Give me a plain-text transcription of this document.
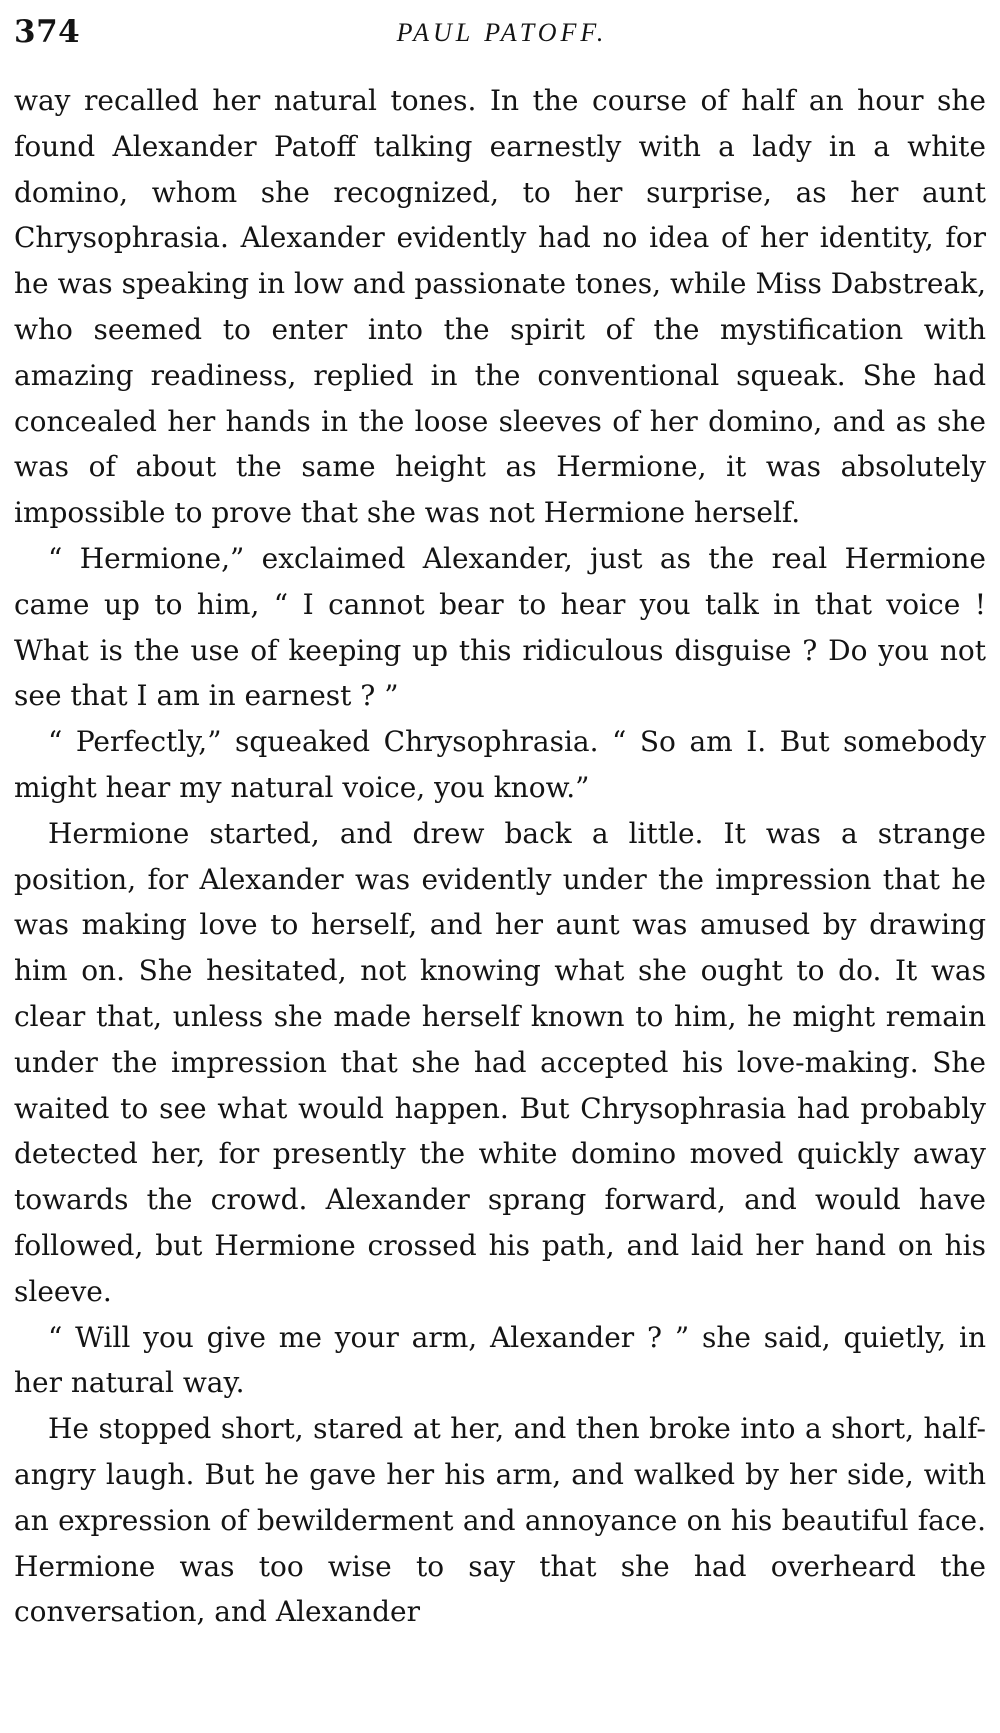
374	PAUL PATOFF.

way recalled her natural tones. In the course of half an hour she found Alexander Patoff talking earnestly with a lady in a white domino, whom she recognized, to her surprise, as her aunt Chrysophrasia. Alexander evidently had no idea of her identity, for he was speaking in low and passionate tones, while Miss Dabstreak, who seemed to enter into the spirit of the mystification with amazing readiness, replied in the conventional squeak. She had concealed her hands in the loose sleeves of her domino, and as she was of about the same height as Hermione, it was absolutely impossible to prove that she was not Hermione herself.

“ Hermione,” exclaimed Alexander, just as the real Hermione came up to him, “ I cannot bear to hear you talk in that voice ! What is the use of keeping up this ridiculous disguise ? Do you not see that I am in earnest ? ”

“ Perfectly,” squeaked Chrysophrasia. “ So am I. But somebody might hear my natural voice, you know.”

Hermione started, and drew back a little. It was a strange position, for Alexander was evidently under the impression that he was making love to herself, and her aunt was amused by drawing him on. She hesitated, not knowing what she ought to do. It was clear that, unless she made herself known to him, he might remain under the impression that she had accepted his love-making. She waited to see what would happen. But Chrysophrasia had probably detected her, for presently the white domino moved quickly away towards the crowd. Alexander sprang forward, and would have followed, but Hermione crossed his path, and laid her hand on his sleeve.

“ Will you give me your arm, Alexander ? ” she said, quietly, in her natural way.

He stopped short, stared at her, and then broke into a short, half-angry laugh. But he gave her his arm, and walked by her side, with an expression of bewilderment and annoyance on his beautiful face. Hermione was too wise to say that she had overheard the conversation, and Alexander
